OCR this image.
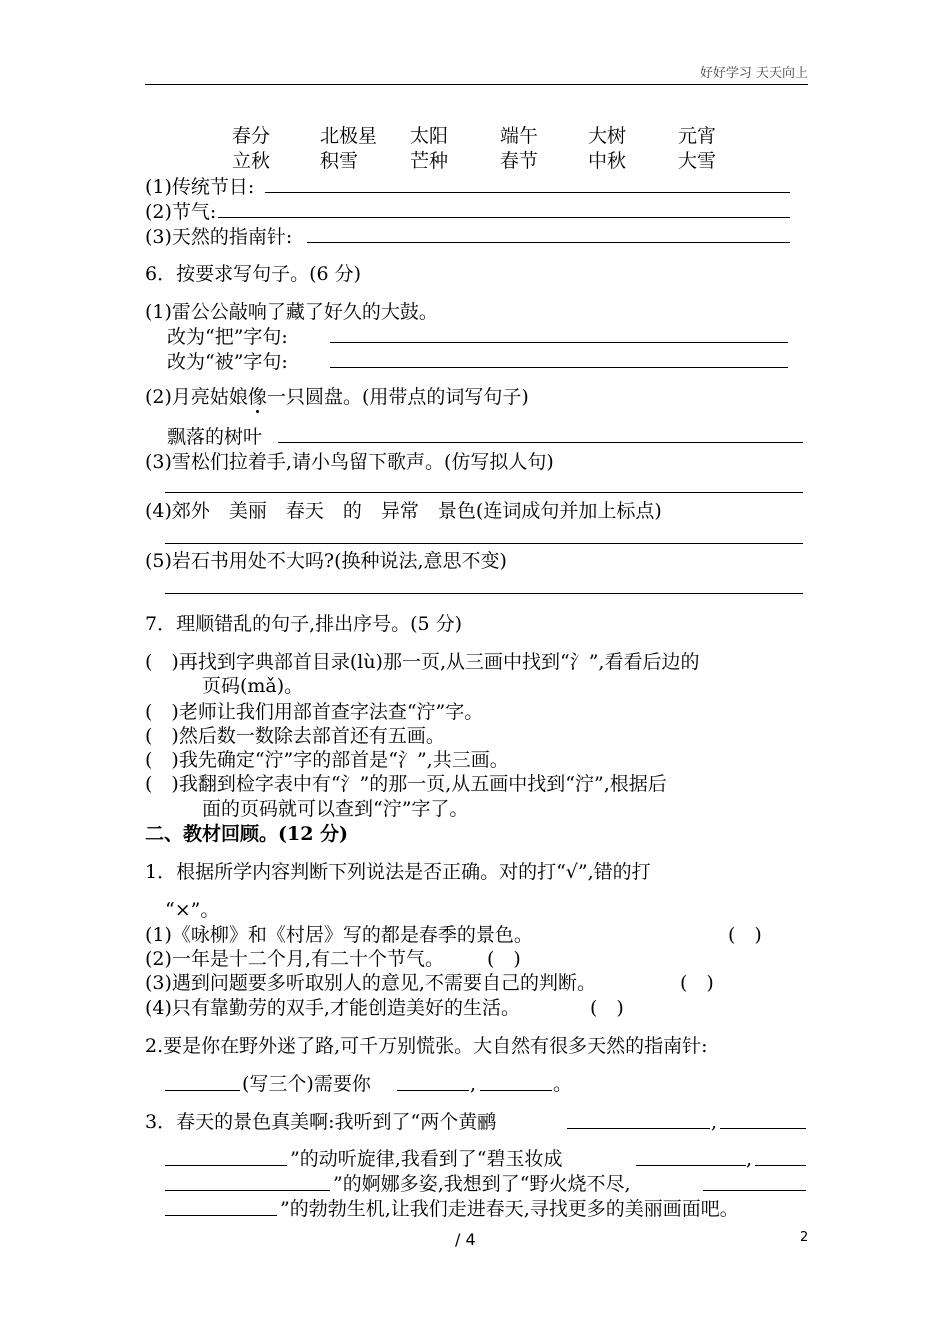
好好学习 天天向上
春分	北极星 太阳	端午	大树	元宵
立秋	积雪	芒种	春节	中秋	大雪
(1)传统节日:
(2)节气:
(3)天然的指南针:
6．按要求写句子。(6 分)
(1)雷公公敲响了藏了好久的大鼓。
改为“把”字句:
改为“被”字句:
(2)月亮姑娘像一只圆盘。(用带点的词写句子)
飘落的树叶
(3)雪松们拉着手,请小鸟留下歌声。(仿写拟人句)
(4)郊外　美丽　春天　的　异常　景色(连词成句并加上标点)
(5)岩石书用处不大吗?(换种说法,意思不变)
7．理顺错乱的句子,排出序号。(5 分)
(　)再找到字典部首目录(lù)那一页,从三画中找到“氵”,看看后边的
页码(mǎ)。
(　)老师让我们用部首查字法查“泞”字。
(　)然后数一数除去部首还有五画。
(　)我先确定“泞”字的部首是“氵”,共三画。
(　)我翻到检字表中有“氵”的那一页,从五画中找到“泞”,根据后
面的页码就可以查到“泞”字了。
二、教材回顾。(12 分)
1．根据所学内容判断下列说法是否正确。对的打“√”,错的打
“×”。
(1)《咏柳》和《村居》写的都是春季的景色。	(　)
(2)一年是十二个月,有二十个节气。 (　)
(3)遇到问题要多听取别人的意见,不需要自己的判断。	(　)
(4)只有靠勤劳的双手,才能创造美好的生活。	(　)
2.要是你在野外迷了路,可千万别慌张。大自然有很多天然的指南针:
(写三个)需要你	,	。
3．春天的景色真美啊:我听到了“两个黄鹂	,
”的动听旋律,我看到了“碧玉妆成	,
”的婀娜多姿,我想到了“野火烧不尽,
”的勃勃生机,让我们走进春天,寻找更多的美丽画面吧。
/ 4	2
